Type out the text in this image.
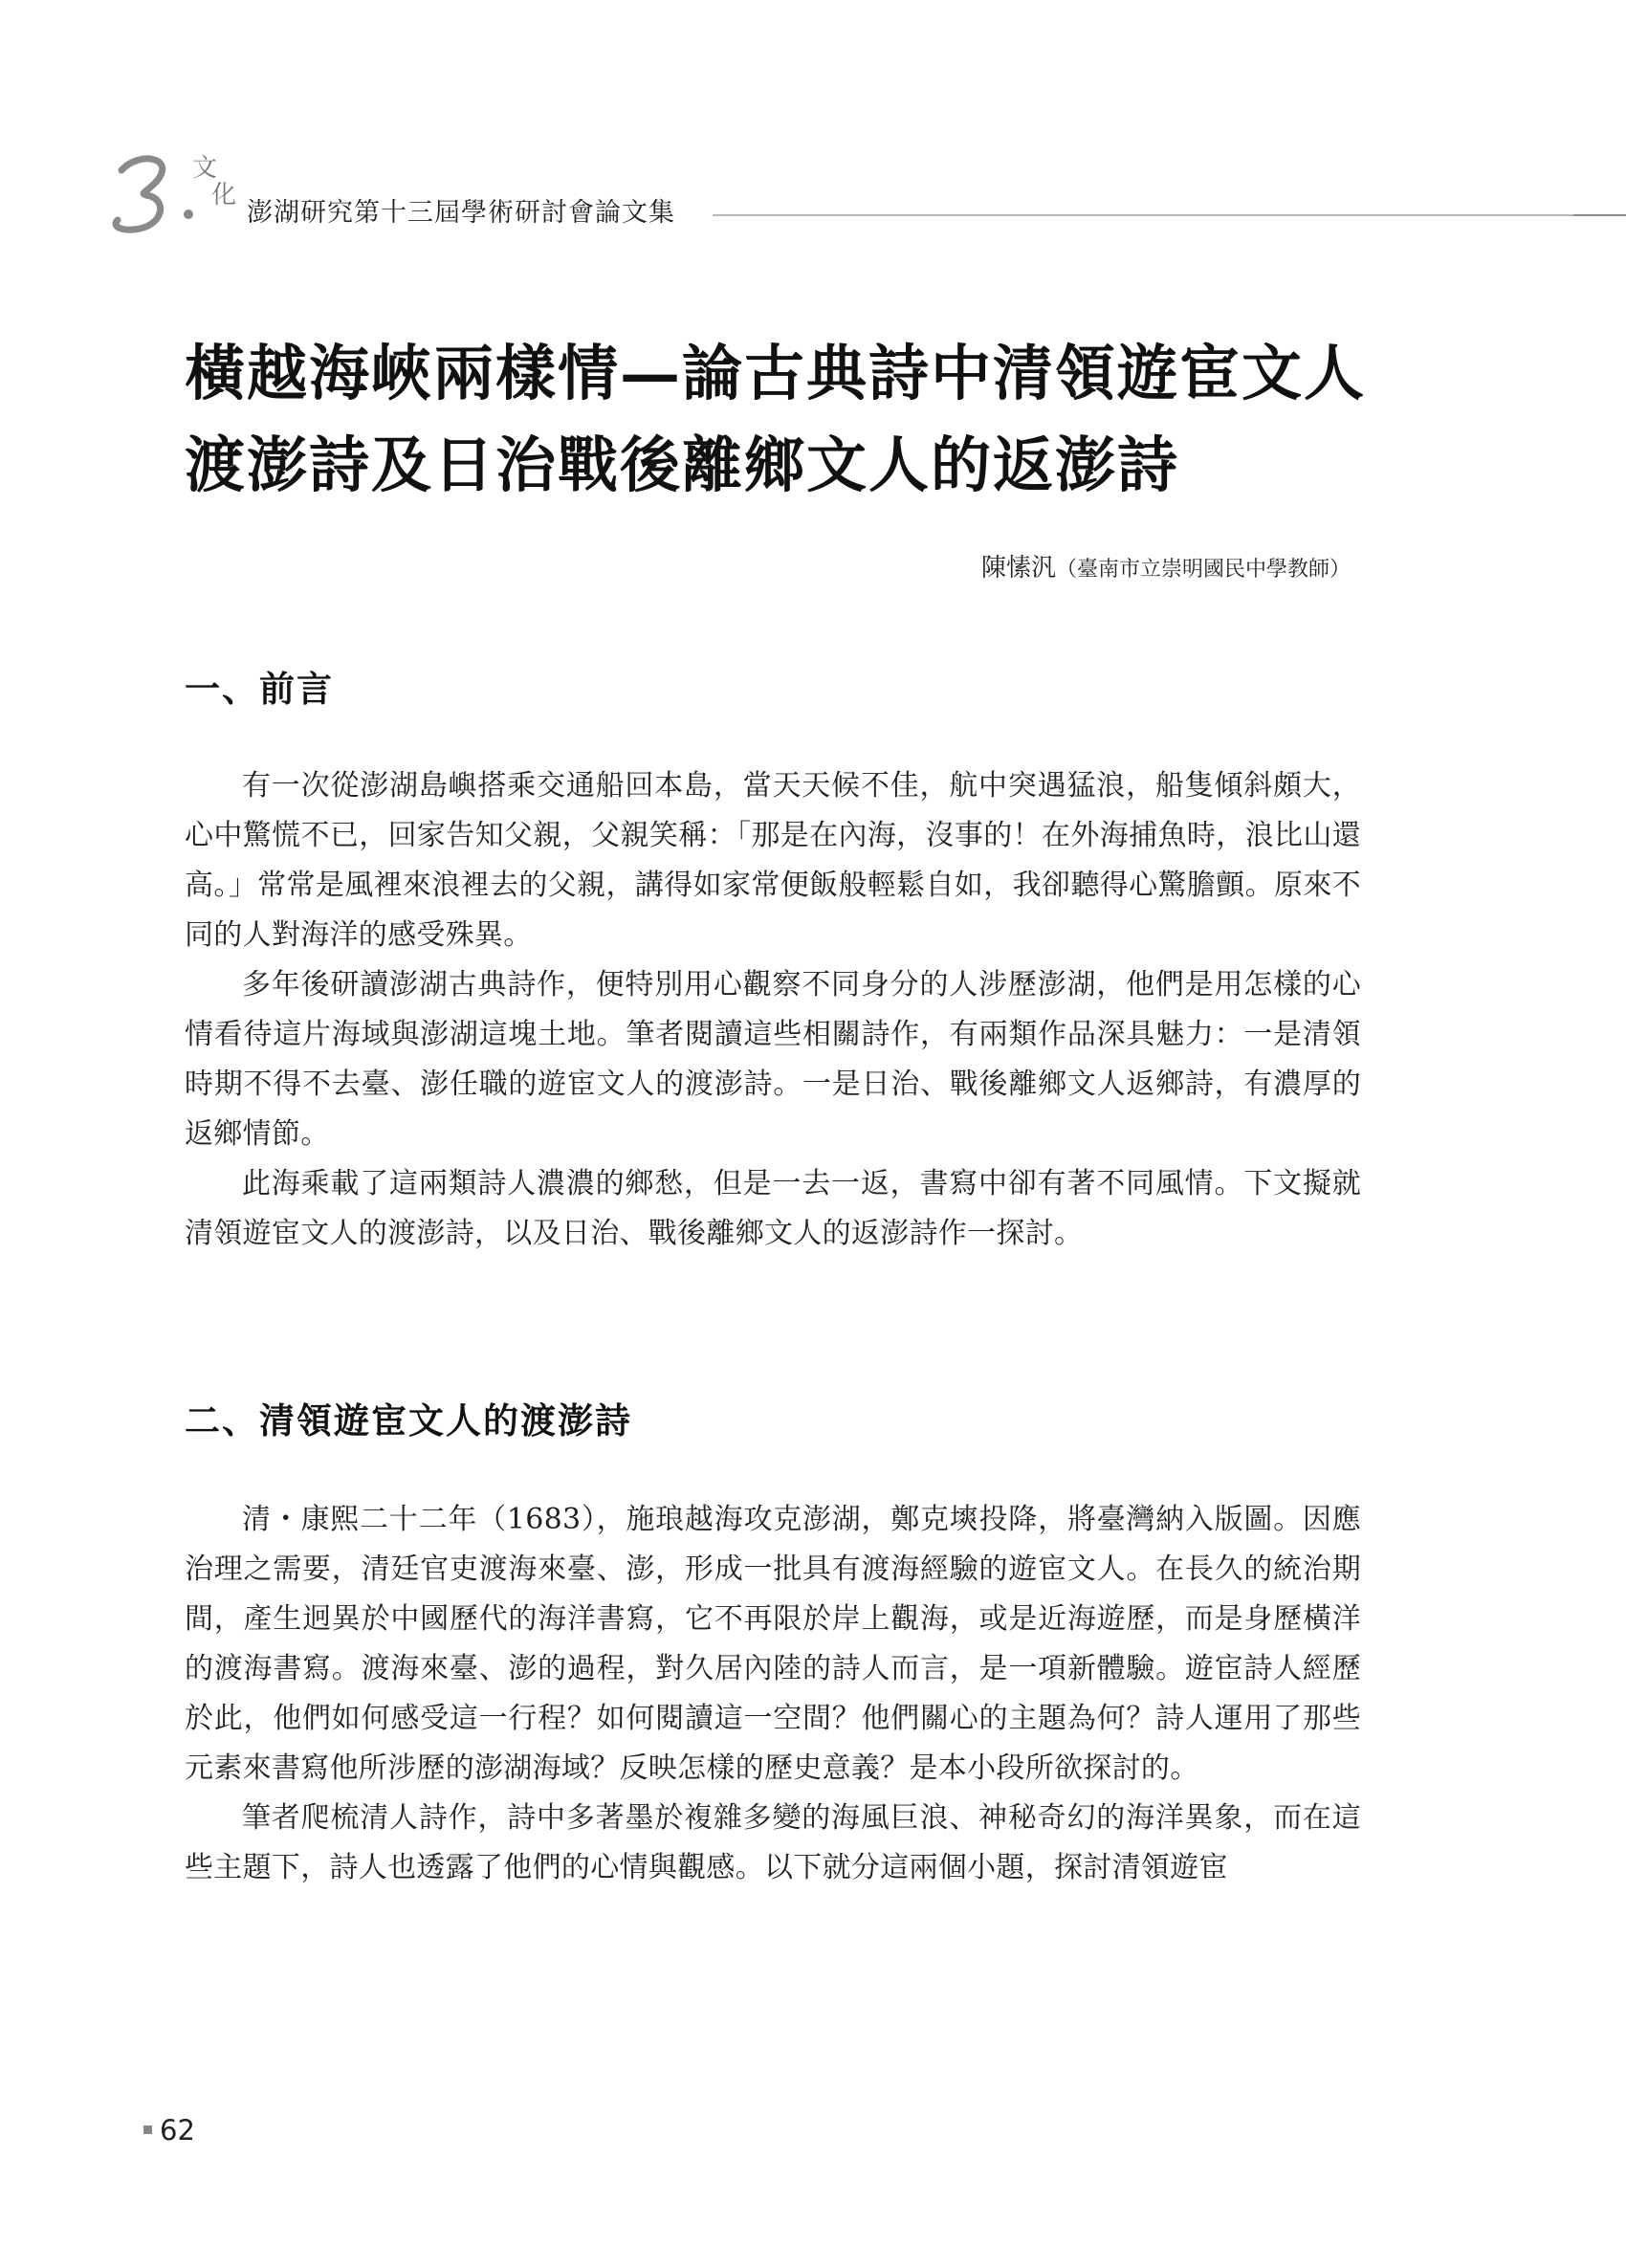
文
化
澎湖研究第十三屆學術研討會論文集
橫越海峽兩樣情—論古典詩中清領遊宦文人
渡澎詩及日治戰後離鄉文人的返澎詩
陳愫汎（臺南市立崇明國民中學教師）
一、前言

有一次從澎湖島嶼搭乘交通船回本島，當天天候不佳，航中突遇猛浪，船隻傾斜頗大，心中驚慌不已，回家告知父親，父親笑稱：「那是在內海，沒事的！在外海捕魚時，浪比山還高。」常常是風裡來浪裡去的父親，講得如家常便飯般輕鬆自如，我卻聽得心驚膽顫。原來不同的人對海洋的感受殊異。

多年後研讀澎湖古典詩作，便特別用心觀察不同身分的人涉歷澎湖，他們是用怎樣的心情看待這片海域與澎湖這塊土地。筆者閱讀這些相關詩作，有兩類作品深具魅力：一是清領時期不得不去臺、澎任職的遊宦文人的渡澎詩。一是日治、戰後離鄉文人返鄉詩，有濃厚的返鄉情節。

此海乘載了這兩類詩人濃濃的鄉愁，但是一去一返，書寫中卻有著不同風情。下文擬就清領遊宦文人的渡澎詩，以及日治、戰後離鄉文人的返澎詩作一探討。

二、清領遊宦文人的渡澎詩

清・康熙二十二年（1683），施琅越海攻克澎湖，鄭克塽投降，將臺灣納入版圖。因應治理之需要，清廷官吏渡海來臺、澎，形成一批具有渡海經驗的遊宦文人。在長久的統治期間，產生迥異於中國歷代的海洋書寫，它不再限於岸上觀海，或是近海遊歷，而是身歷橫洋的渡海書寫。渡海來臺、澎的過程，對久居內陸的詩人而言，是一項新體驗。遊宦詩人經歷於此，他們如何感受這一行程？如何閱讀這一空間？他們關心的主題為何？詩人運用了那些元素來書寫他所涉歷的澎湖海域？反映怎樣的歷史意義？是本小段所欲探討的。

筆者爬梳清人詩作，詩中多著墨於複雜多變的海風巨浪、神秘奇幻的海洋異象，而在這些主題下，詩人也透露了他們的心情與觀感。以下就分這兩個小題，探討清領遊宦

62
